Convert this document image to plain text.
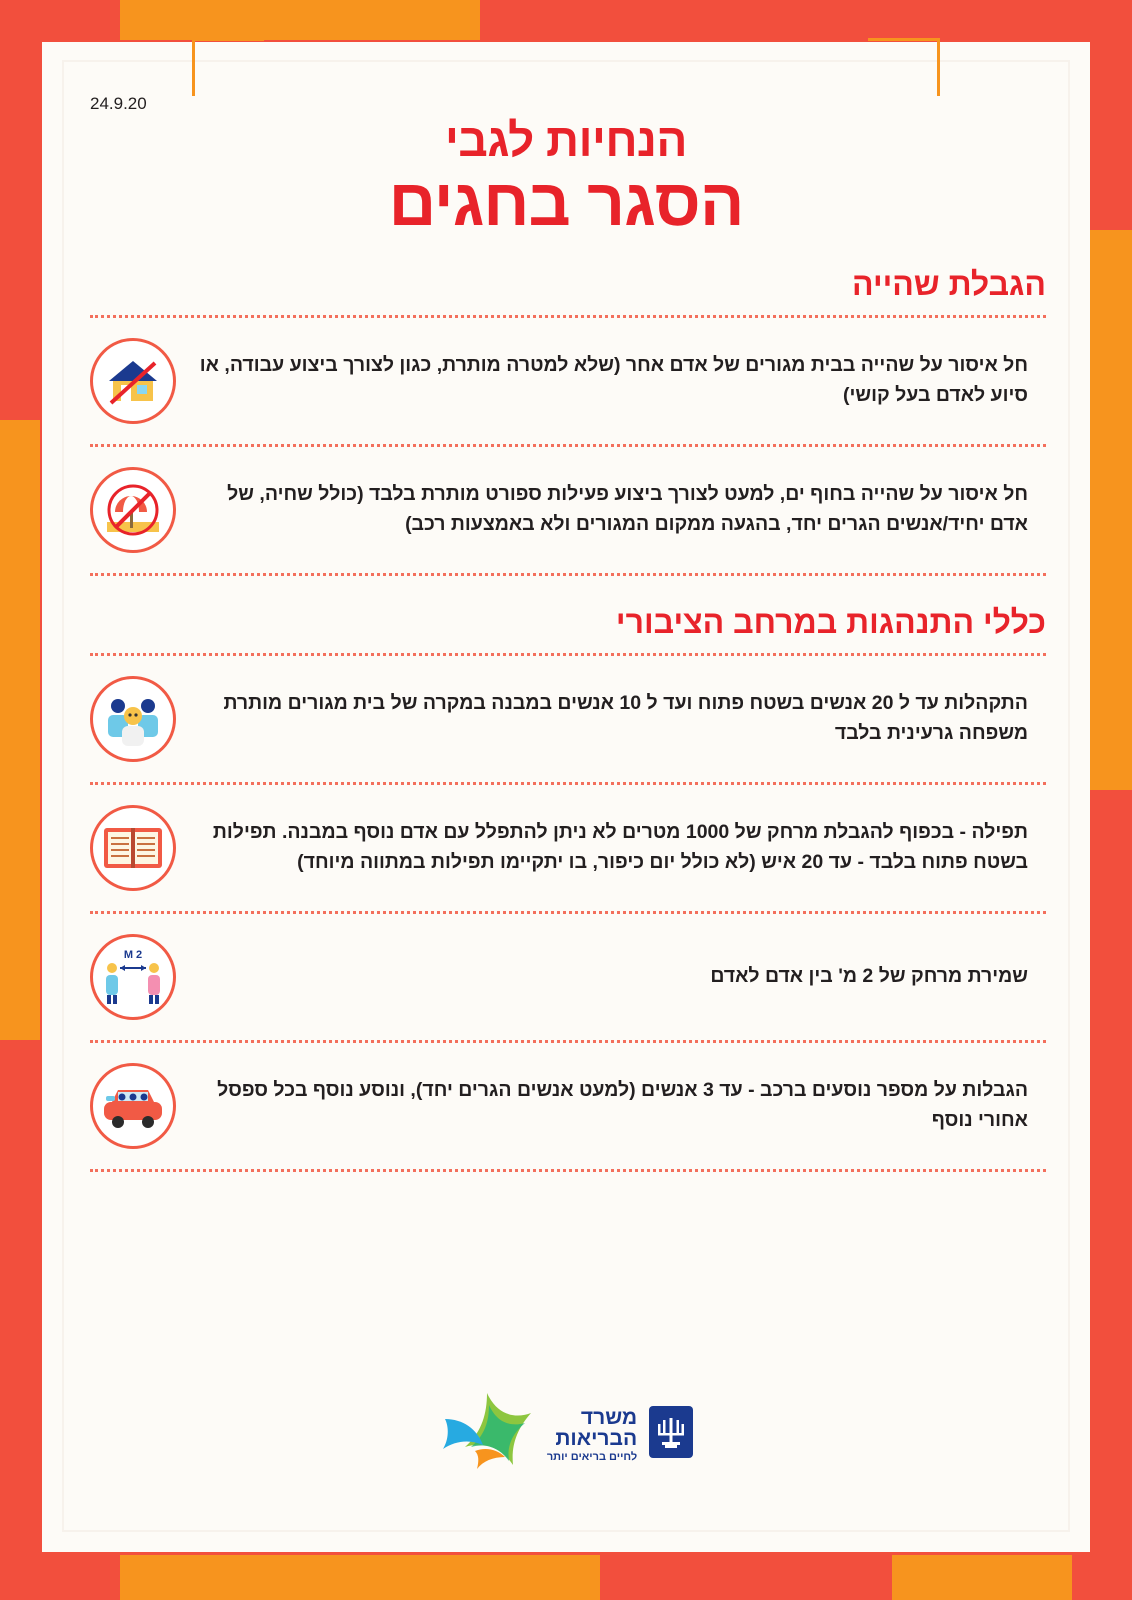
24.9.20
הנחיות לגבי
הסגר בחגים
הגבלת שהייה
חל איסור על שהייה בבית מגורים של אדם אחר (שלא למטרה מותרת, כגון לצורך ביצוע עבודה, או סיוע לאדם בעל קושי)
חל איסור על שהייה בחוף ים, למעט לצורך ביצוע פעילות ספורט מותרת בלבד (כולל שחיה, של אדם יחיד/אנשים הגרים יחד, בהגעה ממקום המגורים ולא באמצעות רכב)
כללי התנהגות במרחב הציבורי
התקהלות עד ל 20 אנשים בשטח פתוח ועד ל 10 אנשים במבנה במקרה של בית מגורים מותרת משפחה גרעינית בלבד
תפילה - בכפוף להגבלת מרחק של 1000 מטרים לא ניתן להתפלל עם אדם נוסף במבנה. תפילות בשטח פתוח בלבד - עד 20 איש (לא כולל יום כיפור, בו יתקיימו תפילות במתווה מיוחד)
שמירת מרחק של 2 מ' בין אדם לאדם
2 M
הגבלות על מספר נוסעים ברכב - עד 3 אנשים (למעט אנשים הגרים יחד), ונוסע נוסף בכל ספסל אחורי נוסף
משרד
הבריאות
לחיים בריאים יותר
